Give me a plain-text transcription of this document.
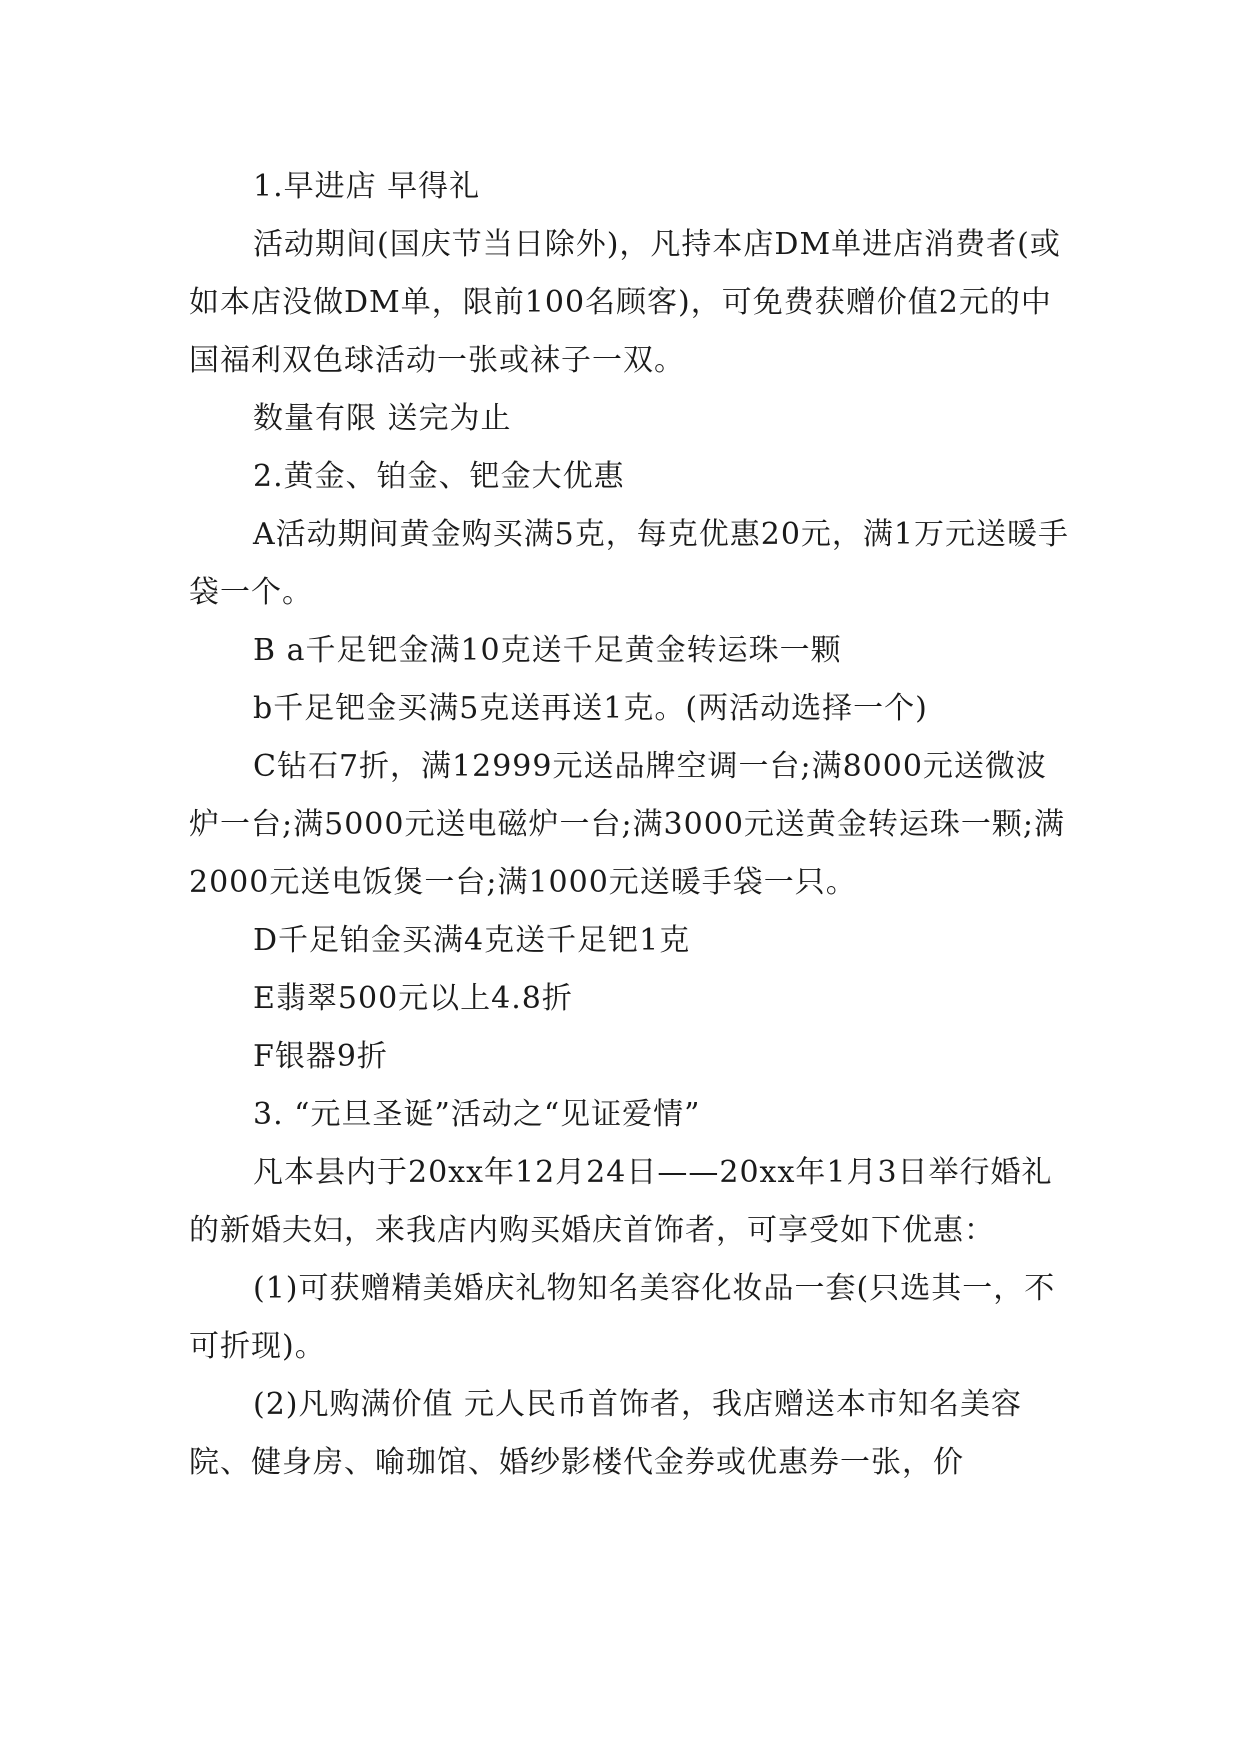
1.早进店 早得礼

活动期间(国庆节当日除外)，凡持本店DM单进店消费者(或如本店没做DM单，限前100名顾客)，可免费获赠价值2元的中国福利双色球活动一张或袜子一双。

数量有限 送完为止

2.黄金、铂金、钯金大优惠

A活动期间黄金购买满5克，每克优惠20元，满1万元送暖手袋一个。

B a千足钯金满10克送千足黄金转运珠一颗

b千足钯金买满5克送再送1克。(两活动选择一个)

C钻石7折，满12999元送品牌空调一台;满8000元送微波炉一台;满5000元送电磁炉一台;满3000元送黄金转运珠一颗;满2000元送电饭煲一台;满1000元送暖手袋一只。

D千足铂金买满4克送千足钯1克

E翡翠500元以上4.8折

F银器9折

3. “元旦圣诞”活动之“见证爱情”

凡本县内于20xx年12月24日——20xx年1月3日举行婚礼的新婚夫妇，来我店内购买婚庆首饰者，可享受如下优惠：

(1)可获赠精美婚庆礼物知名美容化妆品一套(只选其一，不可折现)。

(2)凡购满价值 元人民币首饰者，我店赠送本市知名美容院、健身房、喻珈馆、婚纱影楼代金券或优惠券一张，价
